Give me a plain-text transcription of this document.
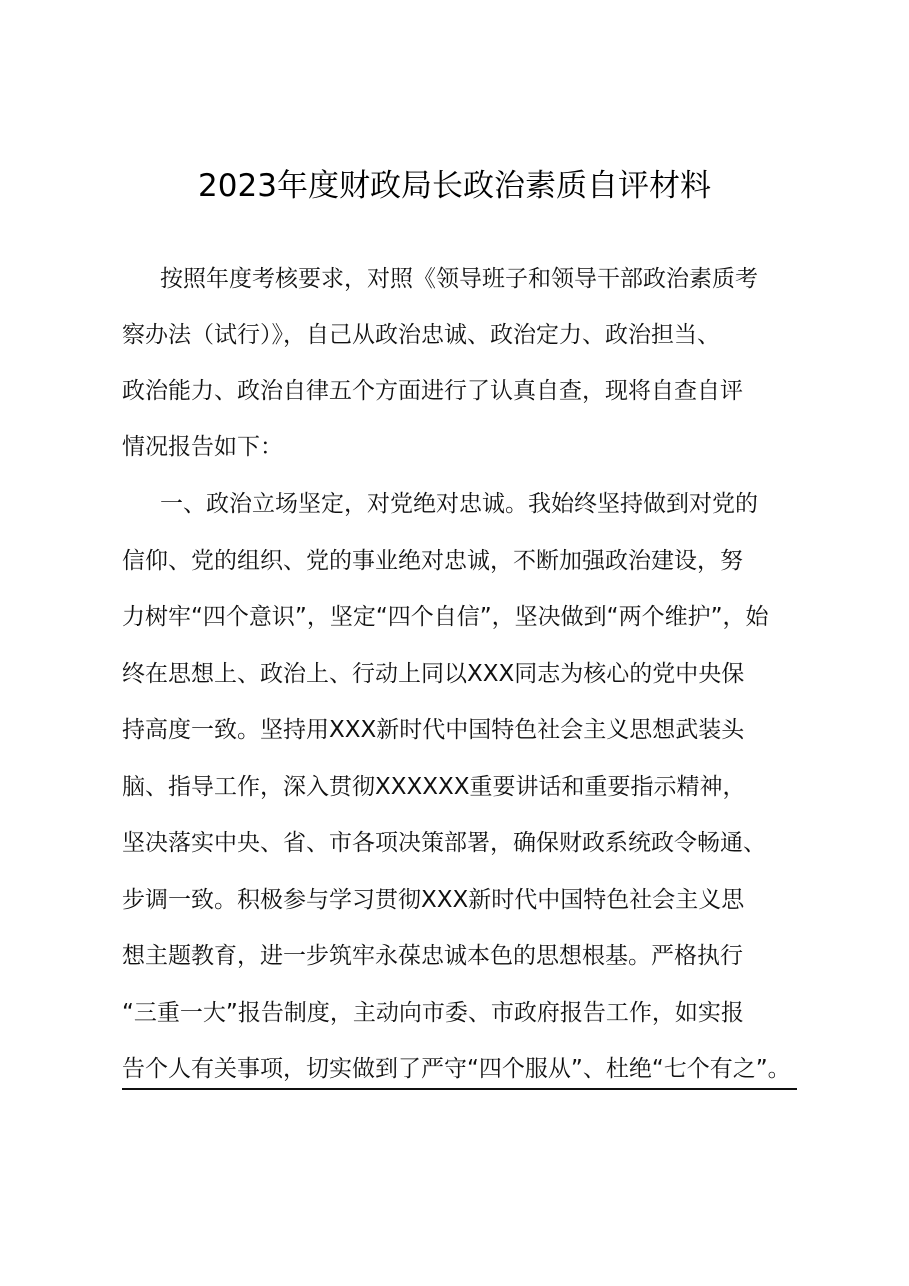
2023年度财政局长政治素质自评材料
按照年度考核要求，对照《领导班子和领导干部政治素质考
察办法（试行）》，自己从政治忠诚、政治定力、政治担当、
政治能力、政治自律五个方面进行了认真自查，现将自查自评
情况报告如下：
一、政治立场坚定，对党绝对忠诚。我始终坚持做到对党的
信仰、党的组织、党的事业绝对忠诚，不断加强政治建设，努
力树牢“四个意识”，坚定“四个自信”，坚决做到“两个维护”，始
终在思想上、政治上、行动上同以XXX同志为核心的党中央保
持高度一致。坚持用XXX新时代中国特色社会主义思想武装头
脑、指导工作，深入贯彻XXXXXX重要讲话和重要指示精神，
坚决落实中央、省、市各项决策部署，确保财政系统政令畅通、
步调一致。积极参与学习贯彻XXX新时代中国特色社会主义思
想主题教育，进一步筑牢永葆忠诚本色的思想根基。严格执行
“三重一大”报告制度，主动向市委、市政府报告工作，如实报
告个人有关事项，切实做到了严守“四个服从”、杜绝“七个有之”。
